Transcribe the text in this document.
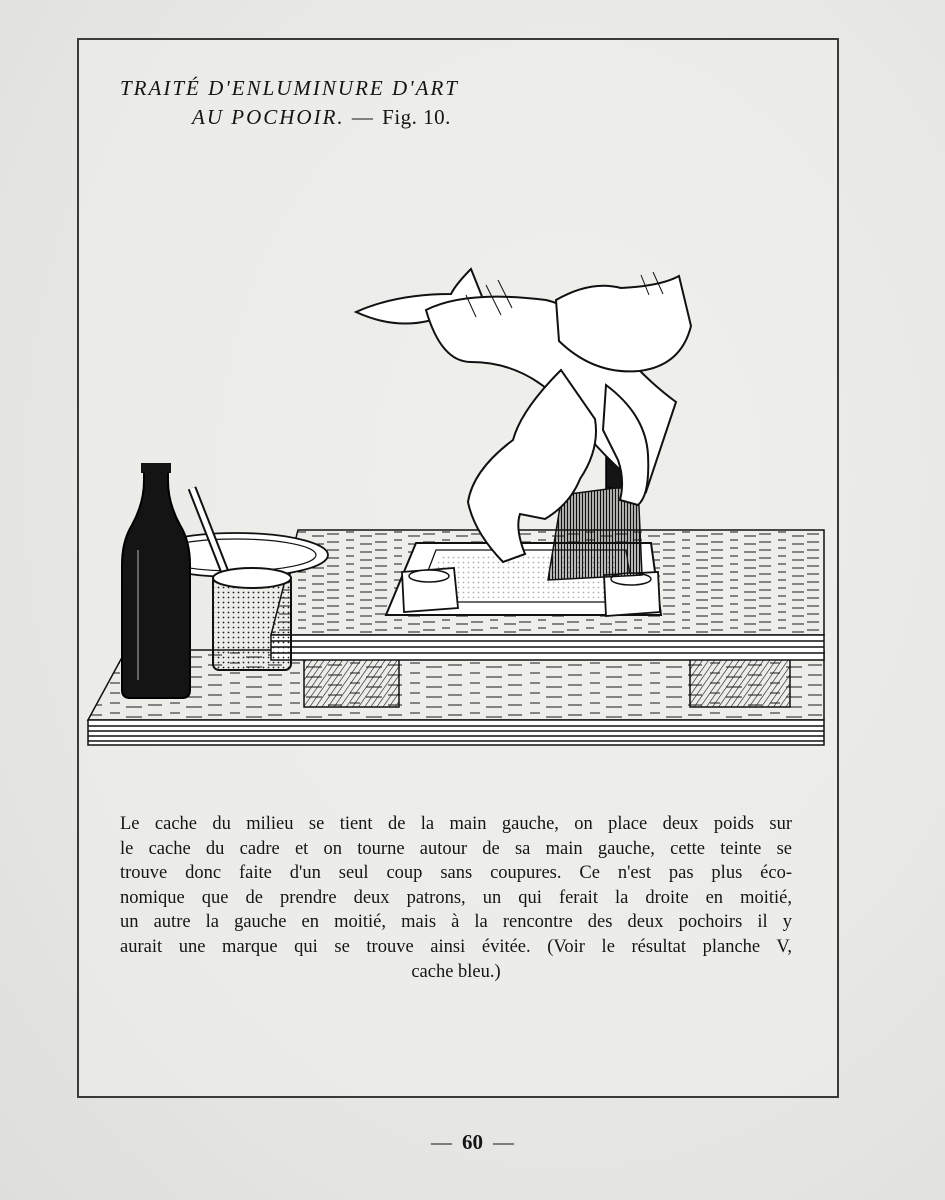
TRAITÉ D'ENLUMINURE D'ART
AU POCHOIR. — Fig. 10.
Le cache du milieu se tient de la main gauche, on place deux poids sur
le cache du cadre et on tourne autour de sa main gauche, cette teinte se
trouve donc faite d'un seul coup sans coupures. Ce n'est pas plus éco-
nomique que de prendre deux patrons, un qui ferait la droite en moitié,
un autre la gauche en moitié, mais à la rencontre des deux pochoirs il y
aurait une marque qui se trouve ainsi évitée. (Voir le résultat planche V,
cache bleu.)
— 60 —
